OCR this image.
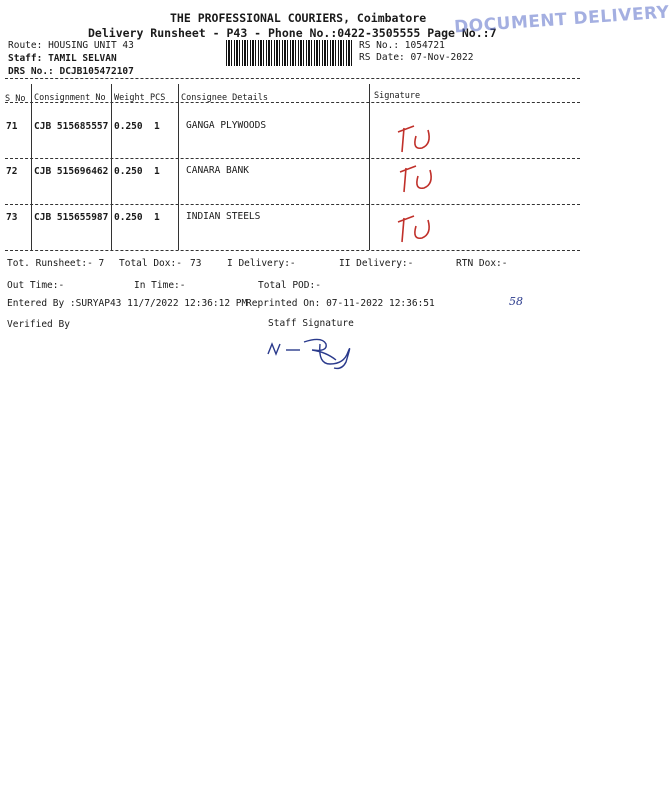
THE PROFESSIONAL COURIERS, Coimbatore
Delivery Runsheet - P43 - Phone No.:0422-3505555 Page No.:7
DOCUMENT DELIVERY
Route: HOUSING UNIT 43
Staff: TAMIL SELVAN
DRS No.: DCJB105472107
RS No.: 1054721
RS Date: 07-Nov-2022
S No Consignment No Weight PCS Consignee Details	Signature
71 CJB 515685557 0.250 1	GANGA PLYWOODS
72 CJB 515696462 0.250 1	CANARA BANK
73 CJB 515655987 0.250 1	INDIAN STEELS
Tot. Runsheet:- 7 Total Dox:- 73	I Delivery:-	II Delivery:-	RTN Dox:-
Out Time:-	In Time:-	Total POD:-
Entered By :SURYAP43 11/7/2022 12:36:12 PM
Reprinted On: 07-11-2022 12:36:51	58
Verified By	Staff Signature
